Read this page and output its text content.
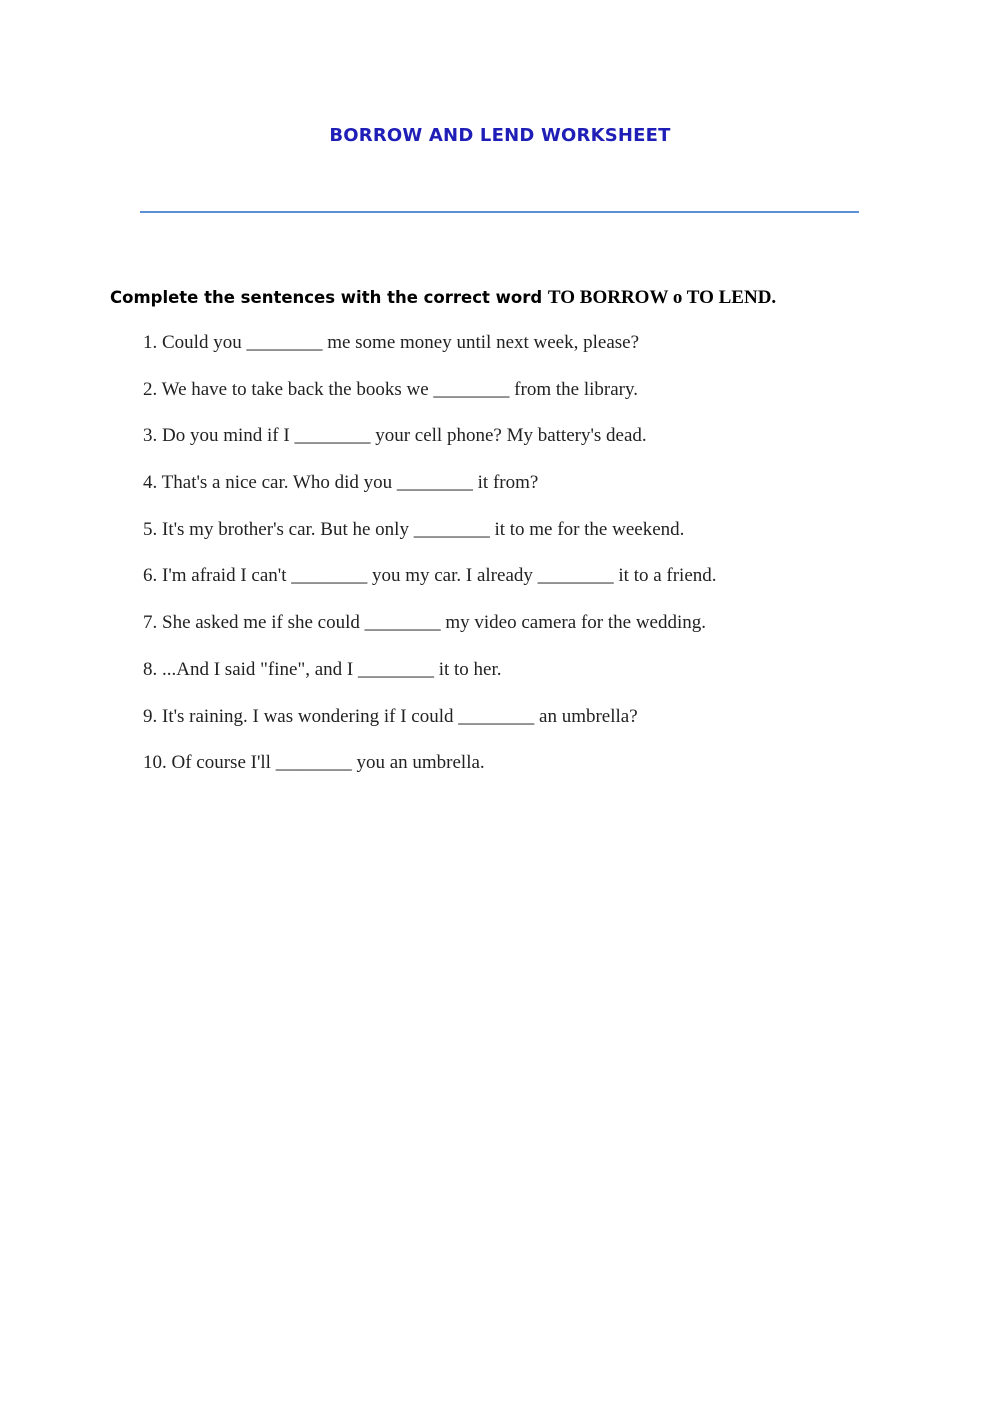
BORROW AND LEND WORKSHEET
Complete the sentences with the correct word TO BORROW o TO LEND.
1. Could you ________ me some money until next week, please?
2. We have to take back the books we ________ from the library.
3. Do you mind if I ________ your cell phone? My battery's dead.
4. That's a nice car. Who did you ________ it from?
5. It's my brother's car. But he only ________ it to me for the weekend.
6. I'm afraid I can't ________ you my car. I already ________ it to a friend.
7. She asked me if she could ________ my video camera for the wedding.
8. ...And I said "fine", and I ________ it to her.
9. It's raining. I was wondering if I could ________ an umbrella?
10. Of course I'll ________ you an umbrella.
